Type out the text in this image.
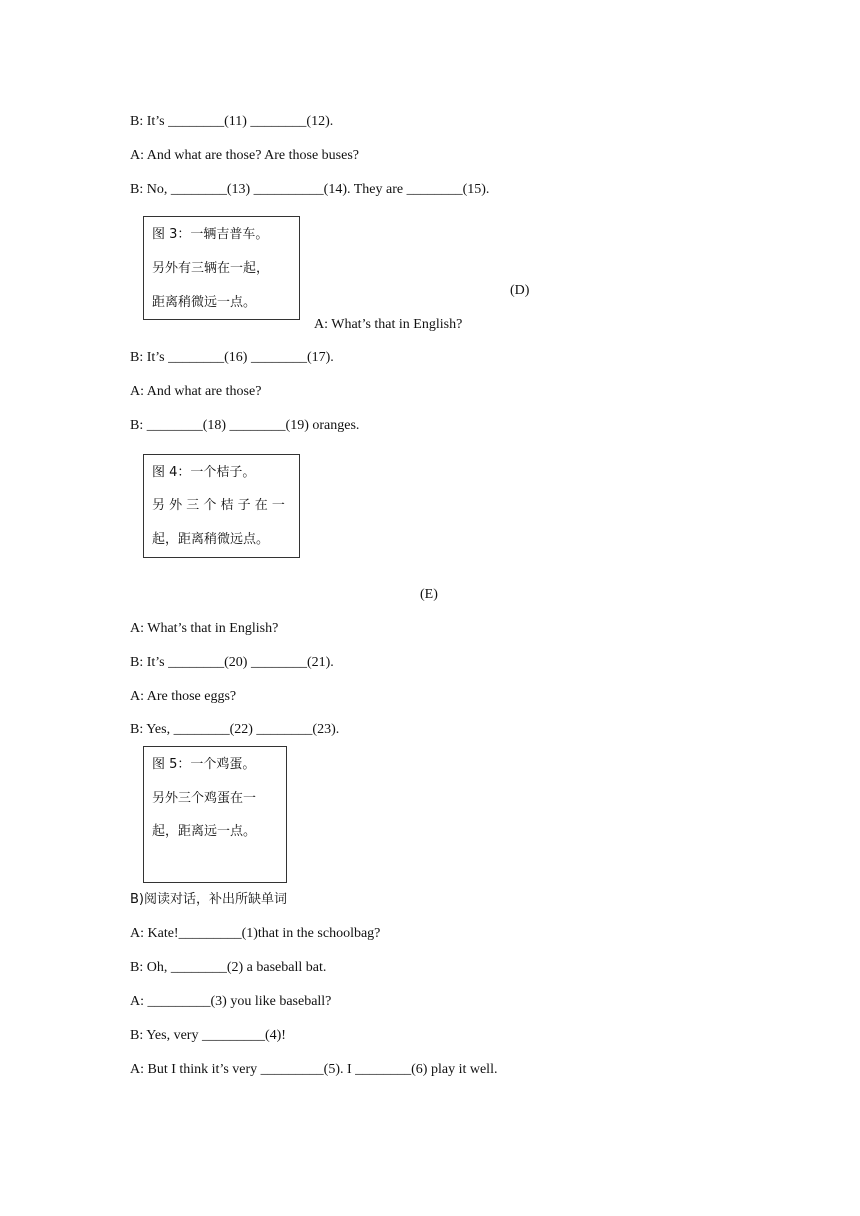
B: It’s ________(11) ________(12).
A: And what are those? Are those buses?
B: No, ________(13) __________(14). They are ________(15).
图 3：一辆吉普车。
另外有三辆在一起，
距离稍微远一点。
(D)
A: What’s that in English?
B: It’s ________(16) ________(17).
A: And what are those?
B: ________(18) ________(19) oranges.
图 4：一个桔子。
另 外 三 个 桔 子 在 一
起，距离稍微远点。
(E)
A: What’s that in English?
B: It’s ________(20) ________(21).
A: Are those eggs?
B: Yes, ________(22) ________(23).
图 5：一个鸡蛋。
另外三个鸡蛋在一
起，距离远一点。
B)阅读对话，补出所缺单词
A: Kate!_________(1)that in the schoolbag?
B: Oh, ________(2) a baseball bat.
A: _________(3) you like baseball?
B: Yes, very _________(4)!
A: But I think it’s very _________(5). I ________(6) play it well.
